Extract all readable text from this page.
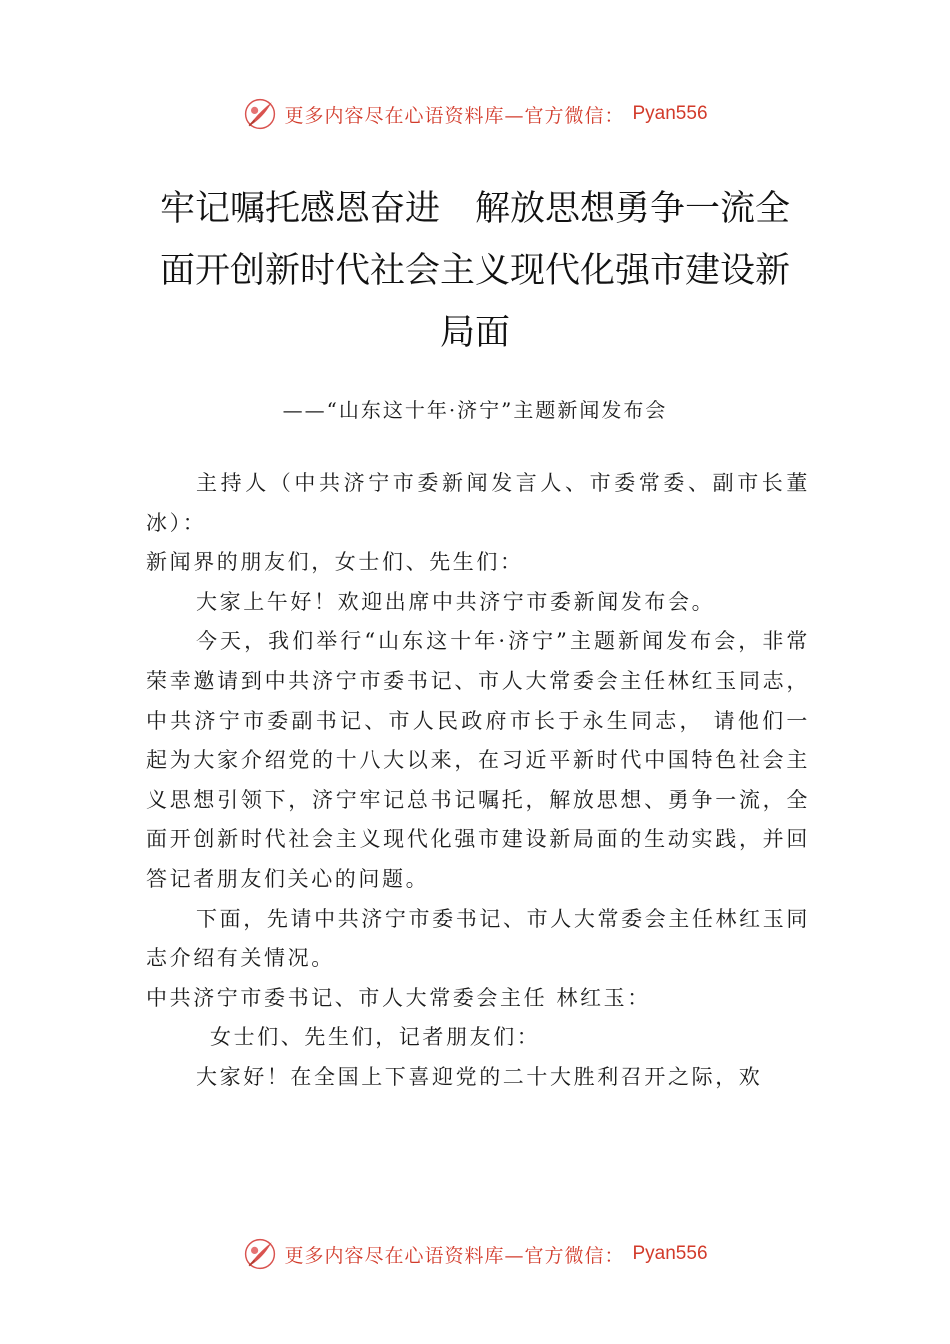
更多内容尽在心语资料库—官方微信： Pyan556
牢记嘱托感恩奋进　解放思想勇争一流全
面开创新时代社会主义现代化强市建设新
局面
——“山东这十年·济宁”主题新闻发布会

主持人（中共济宁市委新闻发言人、市委常委、副市长董冰）：

新闻界的朋友们，女士们、先生们：

大家上午好！欢迎出席中共济宁市委新闻发布会。

今天，我们举行“山东这十年·济宁”主题新闻发布会，非常荣幸邀请到中共济宁市委书记、市人大常委会主任林红玉同志，中共济宁市委副书记、市人民政府市长于永生同志， 请他们一起为大家介绍党的十八大以来，在习近平新时代中国特色社会主义思想引领下，济宁牢记总书记嘱托，解放思想、勇争一流，全面开创新时代社会主义现代化强市建设新局面的生动实践，并回答记者朋友们关心的问题。

下面，先请中共济宁市委书记、市人大常委会主任林红玉同志介绍有关情况。

中共济宁市委书记、市人大常委会主任 林红玉：

女士们、先生们，记者朋友们：

大家好！在全国上下喜迎党的二十大胜利召开之际，欢

更多内容尽在心语资料库—官方微信： Pyan556
